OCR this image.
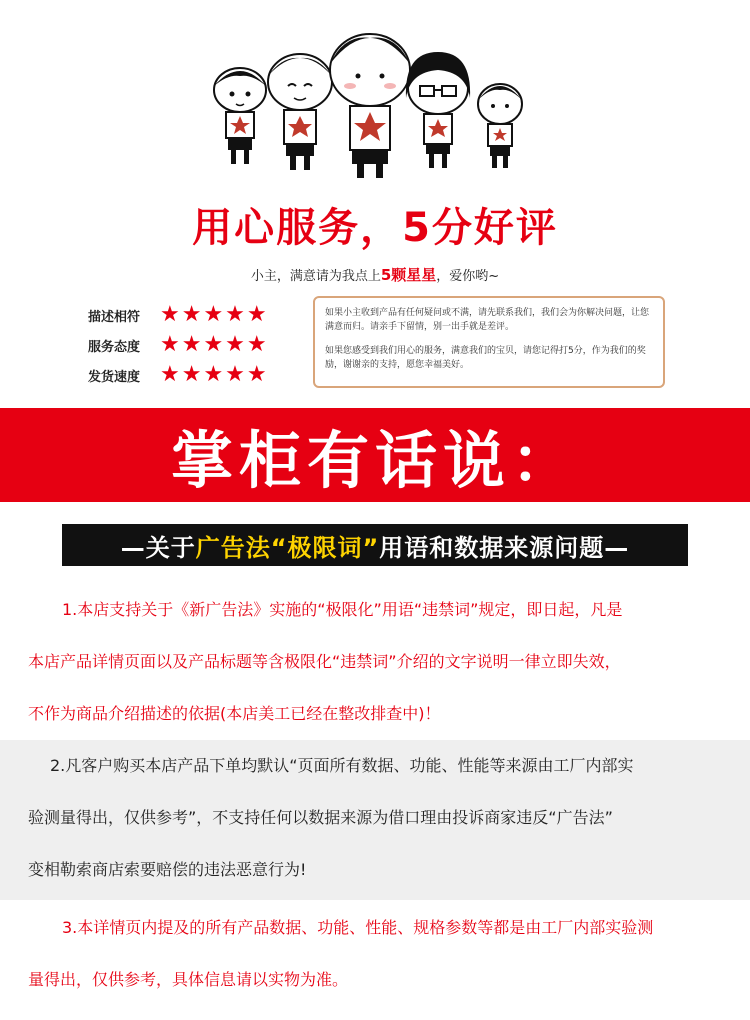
用心服务，5分好评
小主，满意请为我点上5颗星星，爱你哟~
描述相符 ★★★★★
服务态度 ★★★★★
发货速度 ★★★★★

如果小主收到产品有任何疑问或不满，请先联系我们，我们会为你解决问题，让您满意而归。请亲手下留情，别一出手就是差评。

如果您感受到我们用心的服务，满意我们的宝贝，请您记得打5分，作为我们的奖励，谢谢亲的支持，愿您幸福美好。

掌柜有话说：
—关于 广告法“极限词” 用语和数据来源问题—
1.本店支持关于《新广告法》实施的“极限化”用语“违禁词”规定，即日起，凡是
本店产品详情页面以及产品标题等含极限化“违禁词”介绍的文字说明一律立即失效，
不作为商品介绍描述的依据(本店美工已经在整改排查中)！
2.凡客户购买本店产品下单均默认“页面所有数据、功能、性能等来源由工厂内部实
验测量得出，仅供参考”，不支持任何以数据来源为借口理由投诉商家违反“广告法”
变相勒索商店索要赔偿的违法恶意行为!
3.本详情页内提及的所有产品数据、功能、性能、规格参数等都是由工厂内部实验测
量得出，仅供参考，具体信息请以实物为准。
